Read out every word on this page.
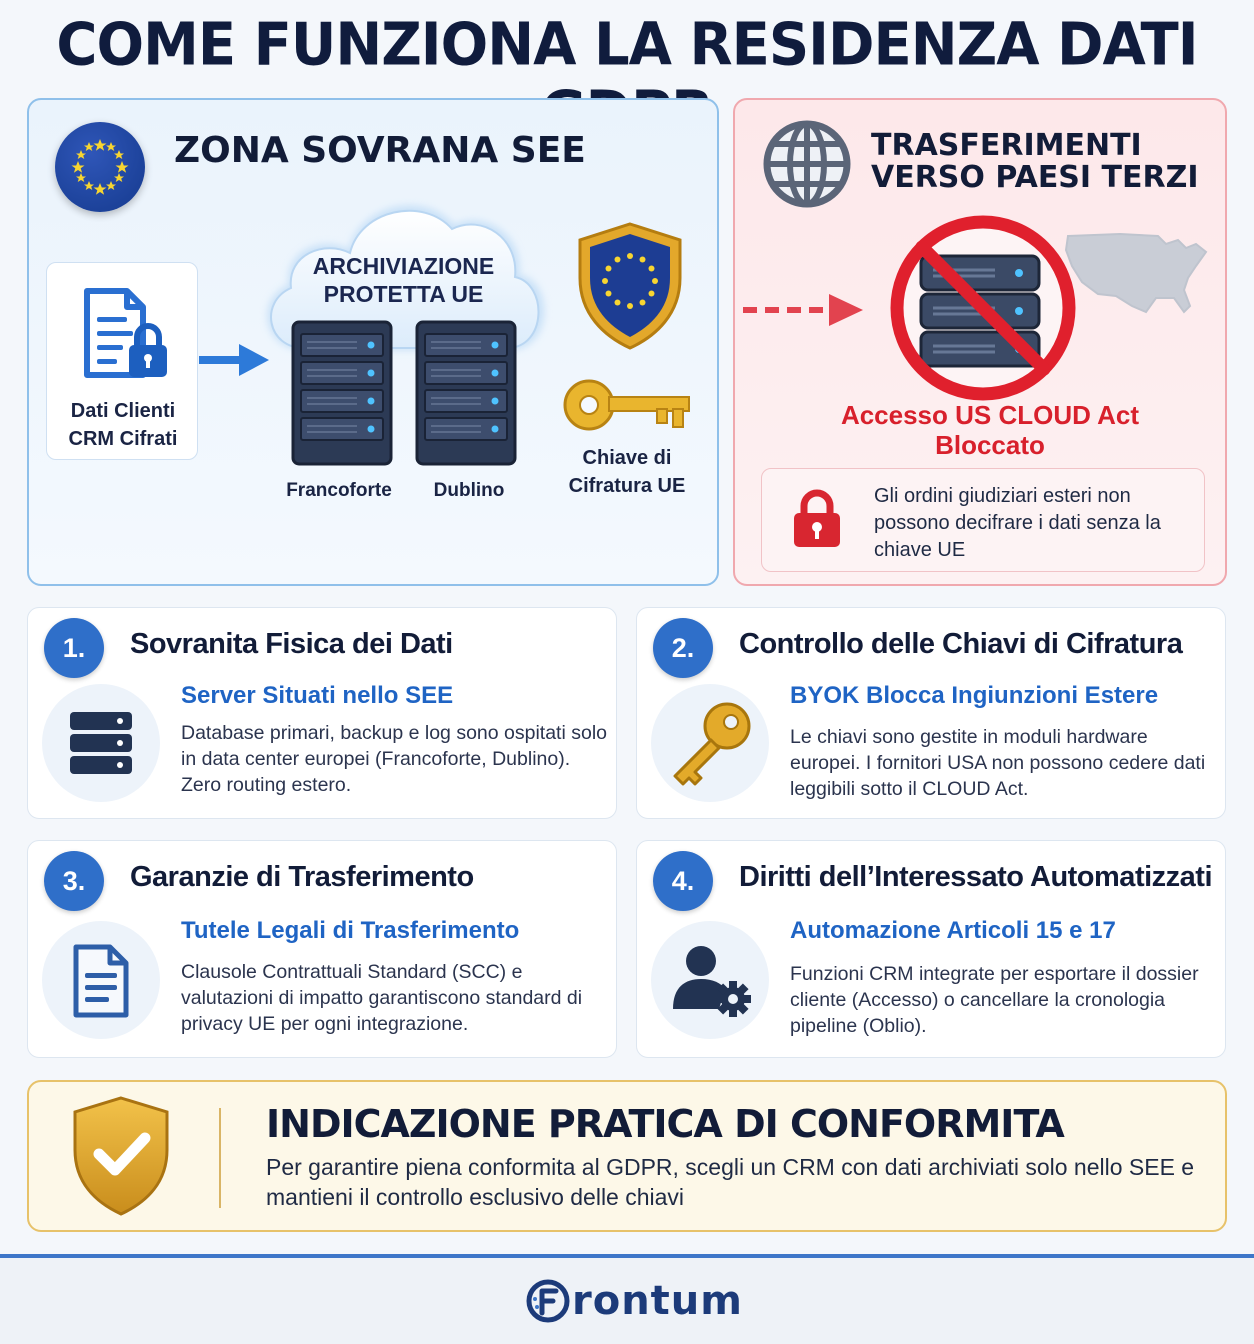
COME FUNZIONA LA RESIDENZA DATI
ZONA SOVRANA SEE
Dati Clienti CRM Cifrati
ARCHIVIAZIONE PROTETTA UE
Francoforte	Dublino
Chiave di Cifratura UE
TRASFERIMENTI VERSO PAESI TERZI
Accesso US CLOUD Act Bloccato
Gli ordini giudiziari esteri non possono decifrare i dati senza la chiave UE
1.	Sovranita Fisica dei Dati
Server Situati nello SEE
Database primari, backup e log sono ospitati solo in data center europei (Francoforte, Dublino). Zero routing estero.
2.	Controllo delle Chiavi di Cifratura
BYOK Blocca Ingiunzioni Estere
Le chiavi sono gestite in moduli hardware europei. I fornitori USA non possono cedere dati leggibili sotto il CLOUD Act.
3.	Garanzie di Trasferimento
Tutele Legali di Trasferimento
Clausole Contrattuali Standard (SCC) e valutazioni di impatto garantiscono standard di privacy UE per ogni integrazione.
4.	Diritti dell’Interessato Automatizzati
Automazione Articoli 15 e 17
Funzioni CRM integrate per esportare il dossier cliente (Accesso) o cancellare la cronologia pipeline (Oblio).
INDICAZIONE PRATICA DI CONFORMITA
Per garantire piena conformita al GDPR, scegli un CRM con dati archiviati solo nello SEE e mantieni il controllo esclusivo delle chiavi
rontum
